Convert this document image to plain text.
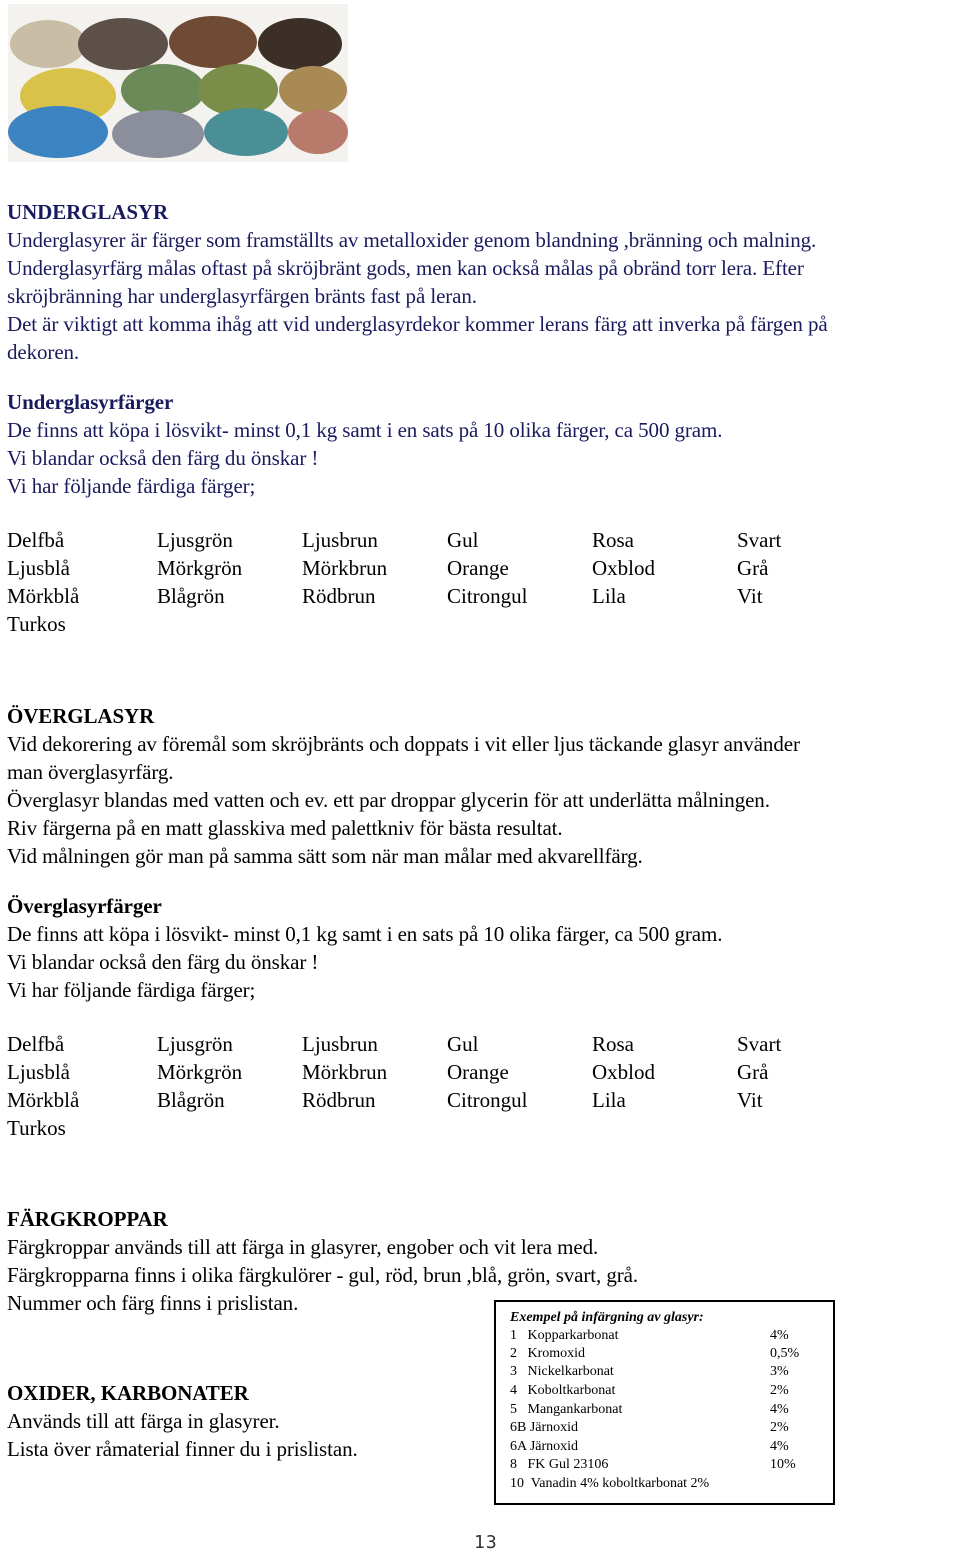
UNDERGLASYR
Underglasyrer är färger som framställts av metalloxider genom blandning ,bränning och malning.
Underglasyrfärg målas oftast på skröjbränt gods, men kan också målas på obränd torr lera. Efter
skröjbränning har underglasyrfärgen bränts fast på leran.
Det är viktigt att komma ihåg att vid underglasyrdekor kommer lerans färg att inverka på färgen på
dekoren.
Underglasyrfärger
De finns att köpa i lösvikt- minst 0,1 kg samt i en sats på 10 olika färger, ca 500 gram.
Vi blandar också den färg du önskar !
Vi har följande färdiga färger;
Delfbå	Ljusgrön	Ljusbrun	Gul	Rosa	Svart
Ljusblå	Mörkgrön	Mörkbrun	Orange	Oxblod	Grå
Mörkblå	Blågrön	Rödbrun	Citrongul	Lila	Vit
Turkos
ÖVERGLASYR
Vid dekorering av föremål som skröjbränts och doppats i vit eller ljus täckande glasyr använder
man överglasyrfärg.
Överglasyr blandas med vatten och ev. ett par droppar glycerin för att underlätta målningen.
Riv färgerna på en matt glasskiva med palettkniv för bästa resultat.
Vid målningen gör man på samma sätt som när man målar med akvarellfärg.
Överglasyrfärger
De finns att köpa i lösvikt- minst 0,1 kg samt i en sats på 10 olika färger, ca 500 gram.
Vi blandar också den färg du önskar !
Vi har följande färdiga färger;
Delfbå	Ljusgrön	Ljusbrun	Gul	Rosa	Svart
Ljusblå	Mörkgrön	Mörkbrun	Orange	Oxblod	Grå
Mörkblå	Blågrön	Rödbrun	Citrongul	Lila	Vit
Turkos
FÄRGKROPPAR
Färgkroppar används till att färga in glasyrer, engober och vit lera med.
Färgkropparna finns i olika färgkulörer - gul, röd, brun ,blå, grön, svart, grå.
Nummer och färg finns i prislistan.
OXIDER, KARBONATER
Används till att färga in glasyrer.
Lista över råmaterial finner du i prislistan.
Exempel på infärgning av glasyr:
1   Kopparkarbonat	4%
2   Kromoxid	0,5%
3   Nickelkarbonat	3%
4   Koboltkarbonat	2%
5   Mangankarbonat	4%
6B Järnoxid	2%
6A Järnoxid	4%
8   FK Gul 23106	10%
10  Vanadin 4% koboltkarbonat 2%
13
